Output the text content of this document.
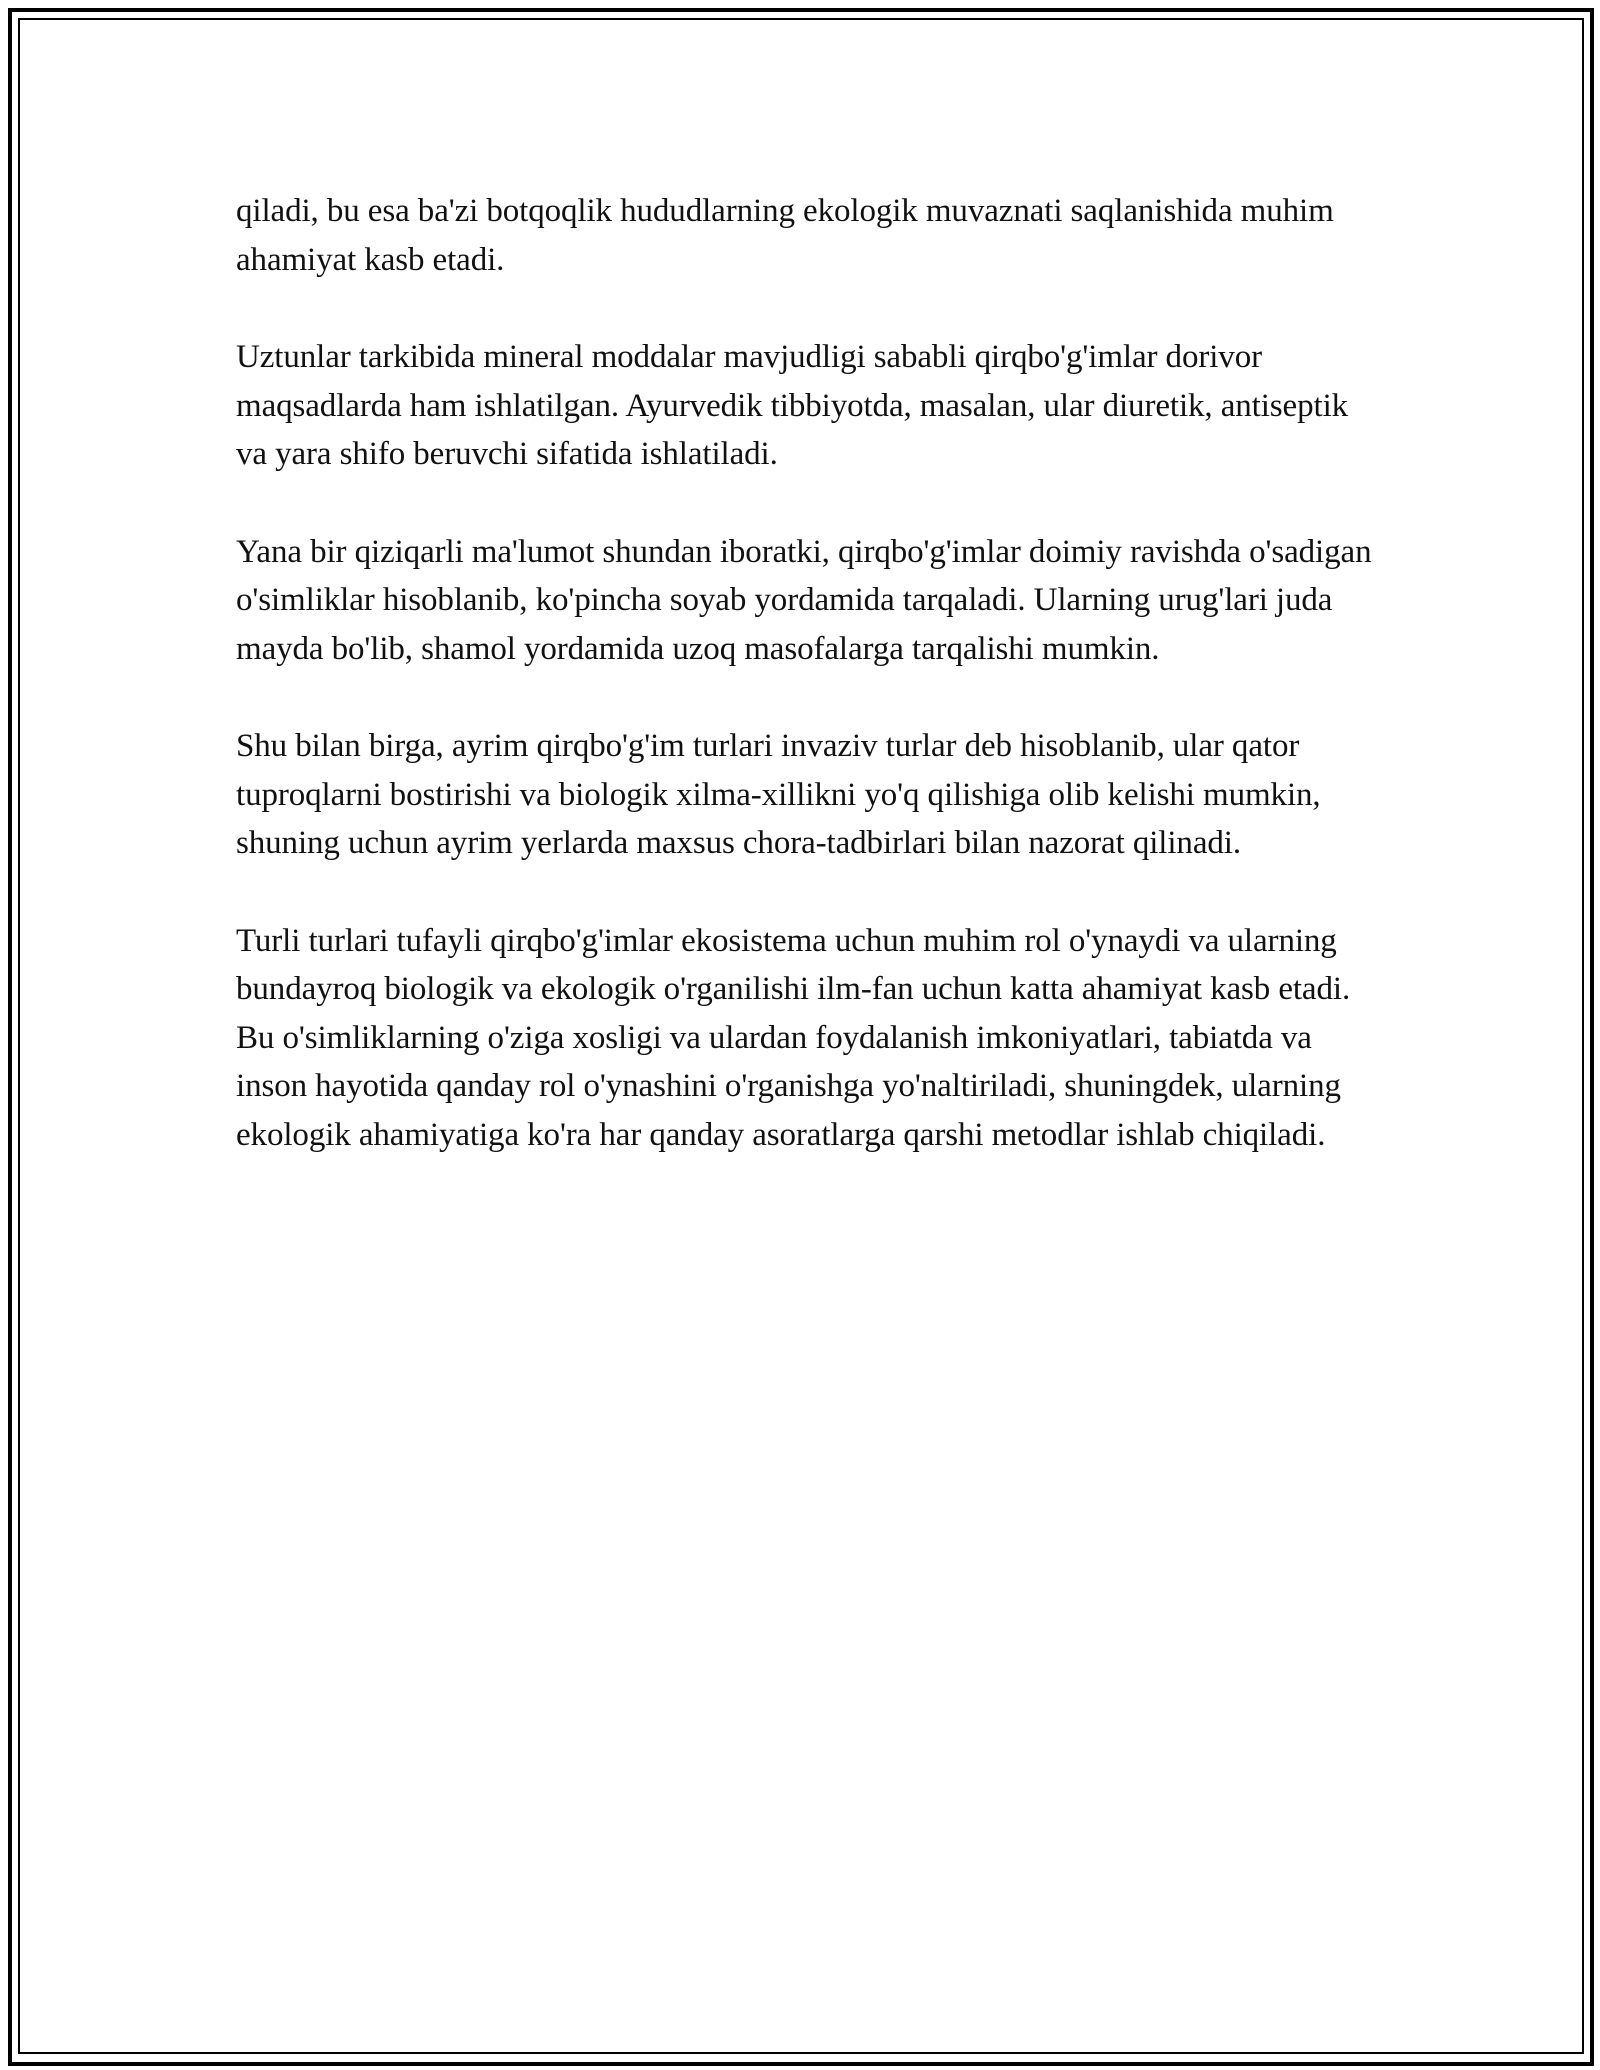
qiladi, bu esa ba'zi botqoqlik hududlarning ekologik muvaznati saqlanishida muhim ahamiyat kasb etadi.

Uztunlar tarkibida mineral moddalar mavjudligi sababli qirqbo'g'imlar dorivor maqsadlarda ham ishlatilgan. Ayurvedik tibbiyotda, masalan, ular diuretik, antiseptik va yara shifo beruvchi sifatida ishlatiladi.

Yana bir qiziqarli ma'lumot shundan iboratki, qirqbo'g'imlar doimiy ravishda o'sadigan o'simliklar hisoblanib, ko'pincha soyab yordamida tarqaladi. Ularning urug'lari juda mayda bo'lib, shamol yordamida uzoq masofalarga tarqalishi mumkin.

Shu bilan birga, ayrim qirqbo'g'im turlari invaziv turlar deb hisoblanib, ular qator tuproqlarni bostirishi va biologik xilma-xillikni yo'q qilishiga olib kelishi mumkin, shuning uchun ayrim yerlarda maxsus chora-tadbirlari bilan nazorat qilinadi.

Turli turlari tufayli qirqbo'g'imlar ekosistema uchun muhim rol o'ynaydi va ularning bundayroq biologik va ekologik o'rganilishi ilm-fan uchun katta ahamiyat kasb etadi. Bu o'simliklarning o'ziga xosligi va ulardan foydalanish imkoniyatlari, tabiatda va inson hayotida qanday rol o'ynashini o'rganishga yo'naltiriladi, shuningdek, ularning ekologik ahamiyatiga ko'ra har qanday asoratlarga qarshi metodlar ishlab chiqiladi.
